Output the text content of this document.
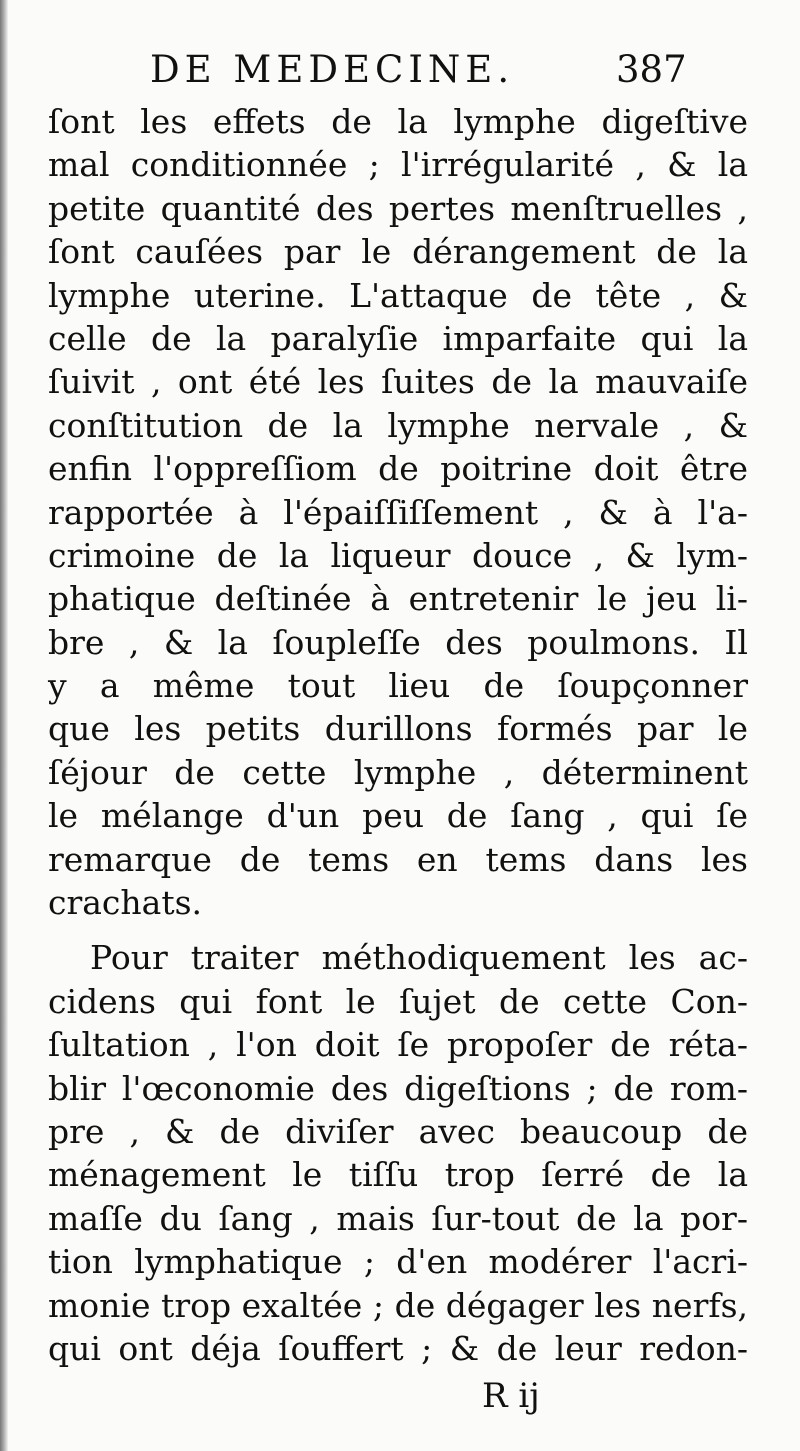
DE MEDECINE.	387
ſont les effets de la lymphe digeſtive
mal conditionnée ; l'irrégularité , & la
petite quantité des pertes menſtruelles ,
ſont cauſées par le dérangement de la
lymphe uterine. L'attaque de tête , &
celle de la paralyſie imparfaite qui la
ſuivit , ont été les ſuites de la mauvaiſe
conſtitution de la lymphe nervale , &
enfin l'oppreſſiom de poitrine doit être
rapportée à l'épaiſſiſſement , & à l'a-
crimoine de la liqueur douce , & lym-
phatique deſtinée à entretenir le jeu li-
bre , & la ſoupleſſe des poulmons. Il
y a même tout lieu de ſoupçonner
que les petits durillons formés par le
ſéjour de cette lymphe , déterminent
le mélange d'un peu de ſang , qui ſe
remarque de tems en tems dans les
crachats.
Pour traiter méthodiquement les ac-
cidens qui font le ſujet de cette Con-
ſultation , l'on doit ſe propoſer de réta-
blir l'œconomie des digeſtions ; de rom-
pre , & de diviſer avec beaucoup de
ménagement le tiſſu trop ſerré de la
maſſe du ſang , mais ſur-tout de la por-
tion lymphatique ; d'en modérer l'acri-
monie trop exaltée ; de dégager les nerfs,
qui ont déja ſouffert ; & de leur redon-
R ij
